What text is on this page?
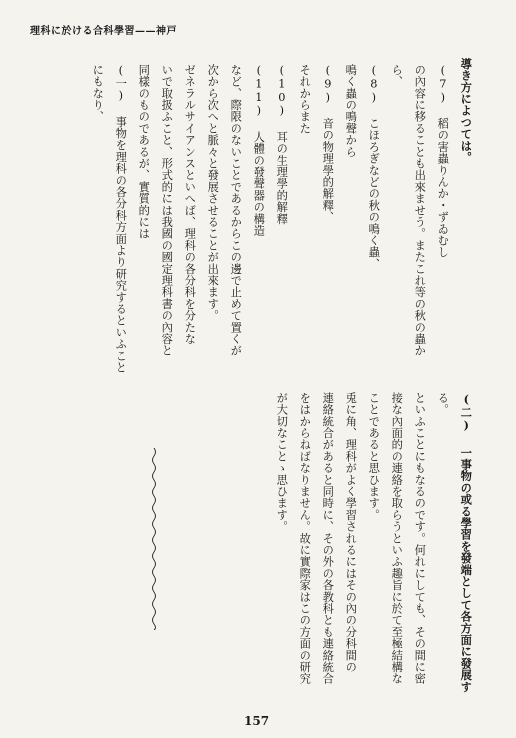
理科に於ける合科學習——神戸
導き方によつては。
(7) 稻の害蟲りんか・ずゐむし
の內容に移ることも出來ませう。またこれ等の秋の蟲か
ら、
(8) こほろぎなどの秋の鳴く蟲、
鳴く蟲の鳴聲から
(9) 音の物理學的解釋、
それからまた
(10) 耳の生理學的解釋
(11) 人體の發聲器の構造
など、際限のないことであるからこの邊で止めて置くが
次から次へと脈々と發展させることが出來ます。
ゼネラルサイアンスといへば、理科の各分科を分たな
いで取扱ふこと、形式的には我國の國定理科書の內容と
同樣のものであるが、實質的には
(一) 事物を理科の各分科方面より研究するといふこと
にもなり、
(二) 一事物の或る學習を發端として各方面に發展す
る。
といふことにもなるのです。何れにしても、その間に密
接な內面的の連絡を取らうといふ趣旨に於て至極結構な
ことであると思ひます。
兎に角、理科がよく學習されるにはその內の分科間の
連絡統合があると同時に、その外の各教科とも連絡統合
をはからねばなりません。故に實際家はこの方面の研究
が大切なことゝ思ひます。
157
